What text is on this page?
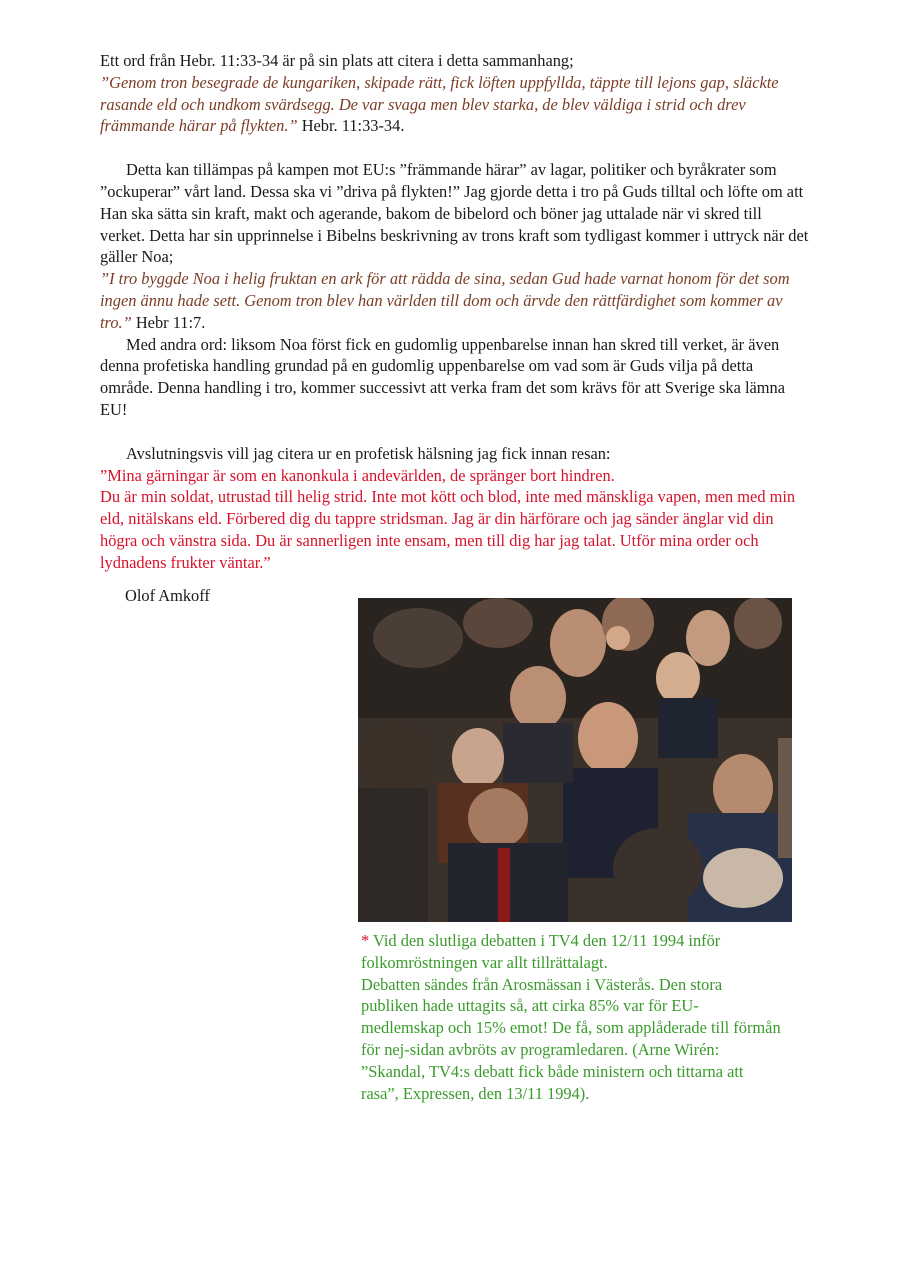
Ett ord från Hebr. 11:33-34 är på sin plats att citera i detta sammanhang;
”Genom tron besegrade de kungariken, skipade rätt, fick löften uppfyllda, täppte till lejons gap, släckte rasande eld och undkom svärdsegg. De var svaga men blev starka, de blev väldiga i strid och drev främmande härar på flykten.” Hebr. 11:33-34.

Detta kan tillämpas på kampen mot EU:s ”främmande härar” av lagar, politiker och byråkrater som ”ockuperar” vårt land. Dessa ska vi ”driva på flykten!” Jag gjorde detta i tro på Guds tilltal och löfte om att Han ska sätta sin kraft, makt och agerande, bakom de bibelord och böner jag uttalade när vi skred till verket. Detta har sin upprinnelse i Bibelns beskrivning av trons kraft som tydligast kommer i uttryck när det gäller Noa;

”I tro byggde Noa i helig fruktan en ark för att rädda de sina, sedan Gud hade varnat honom för det som ingen ännu hade sett. Genom tron blev han världen till dom och ärvde den rättfärdighet som kommer av tro.” Hebr 11:7.

Med andra ord: liksom Noa först fick en gudomlig uppenbarelse innan han skred till verket, är även denna profetiska handling grundad på en gudomlig uppenbarelse om vad som är Guds vilja på detta område. Denna handling i tro, kommer successivt att verka fram det som krävs för att Sverige ska lämna EU!

Avslutningsvis vill jag citera ur en profetisk hälsning jag fick innan resan:

”Mina gärningar är som en kanonkula i andevärlden, de spränger bort hindren.
Du är min soldat, utrustad till helig strid. Inte mot kött och blod, inte med mänskliga vapen, men med min eld, nitälskans eld. Förbered dig du tappre stridsman. Jag är din härförare och jag sänder änglar vid din högra och vänstra sida. Du är sannerligen inte ensam, men till dig har jag talat. Utför mina order och lydnadens frukter väntar.”

Olof Amkoff
* Vid den slutliga debatten i TV4 den 12/11 1994 inför folkomröstningen var allt tillrättalagt.
Debatten sändes från Arosmässan i Västerås. Den stora publiken hade uttagits så, att cirka 85% var för EU-medlemskap och 15% emot! De få, som applåderade till förmån för nej-sidan avbröts av programledaren. (Arne Wirén: ”Skandal, TV4:s debatt fick både ministern och tittarna att rasa”, Expressen, den 13/11 1994).
